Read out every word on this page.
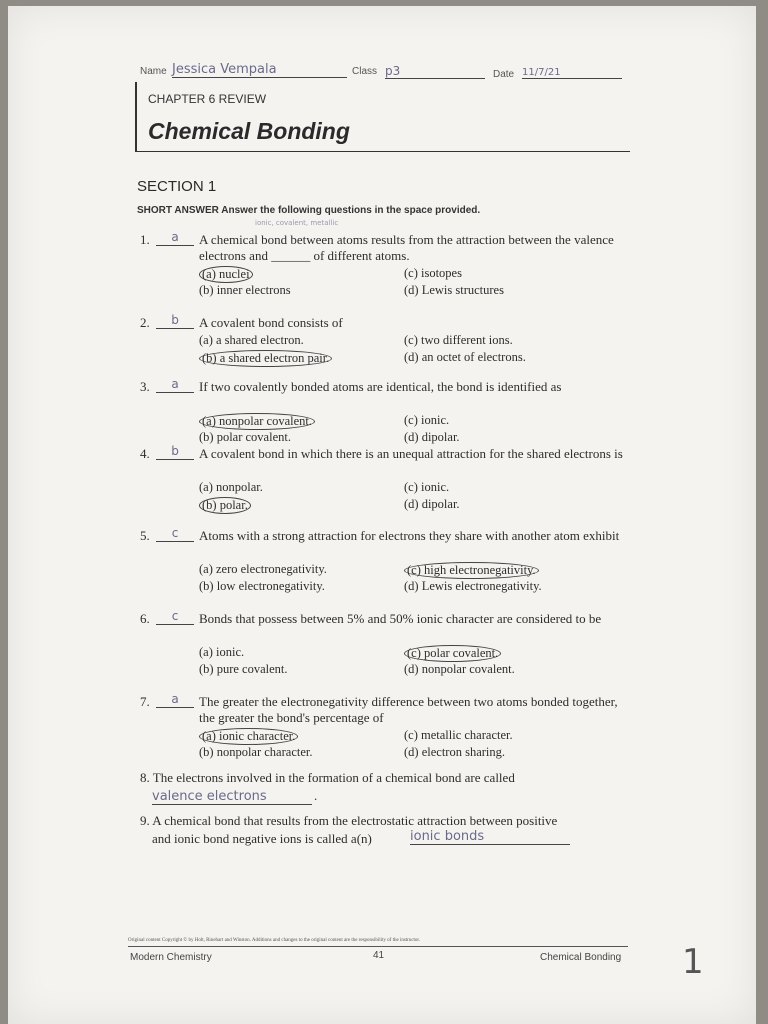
Name Jessica Vempala	Class p3	Date 11/7/21
CHAPTER 6 REVIEW
Chemical Bonding
SECTION 1
SHORT ANSWER Answer the following questions in the space provided.
ionic, covalent, metallic
1.	a	A chemical bond between atoms results from the attraction between the valence electrons and ______ of different atoms.
(a) nuclei
(b) inner electrons
(c) isotopes
(d) Lewis structures
2.	b	A covalent bond consists of
(a) a shared electron.
(b) a shared electron pair.
(c) two different ions.
(d) an octet of electrons.
3.	a	If two covalently bonded atoms are identical, the bond is identified as
(a) nonpolar covalent.
(b) polar covalent.
(c) ionic.
(d) dipolar.
4.	b	A covalent bond in which there is an unequal attraction for the shared electrons is
(a) nonpolar.
(b) polar.
(c) ionic.
(d) dipolar.
5.	c	Atoms with a strong attraction for electrons they share with another atom exhibit
(a) zero electronegativity.
(b) low electronegativity.
(c) high electronegativity.
(d) Lewis electronegativity.
6.	c	Bonds that possess between 5% and 50% ionic character are considered to be
(a) ionic.
(b) pure covalent.
(c) polar covalent.
(d) nonpolar covalent.
7.	a	The greater the electronegativity difference between two atoms bonded together, the greater the bond's percentage of
(a) ionic character.
(b) nonpolar character.
(c) metallic character.
(d) electron sharing.
8. The electrons involved in the formation of a chemical bond are called
valence electrons	.
9. A chemical bond that results from the electrostatic attraction between positive
and ionic bond negative ions is called a(n)	ionic bonds
Original content Copyright © by Holt, Rinehart and Winston. Additions and changes to the original content are the responsibility of the instructor.
Modern Chemistry	41	Chemical Bonding 1
